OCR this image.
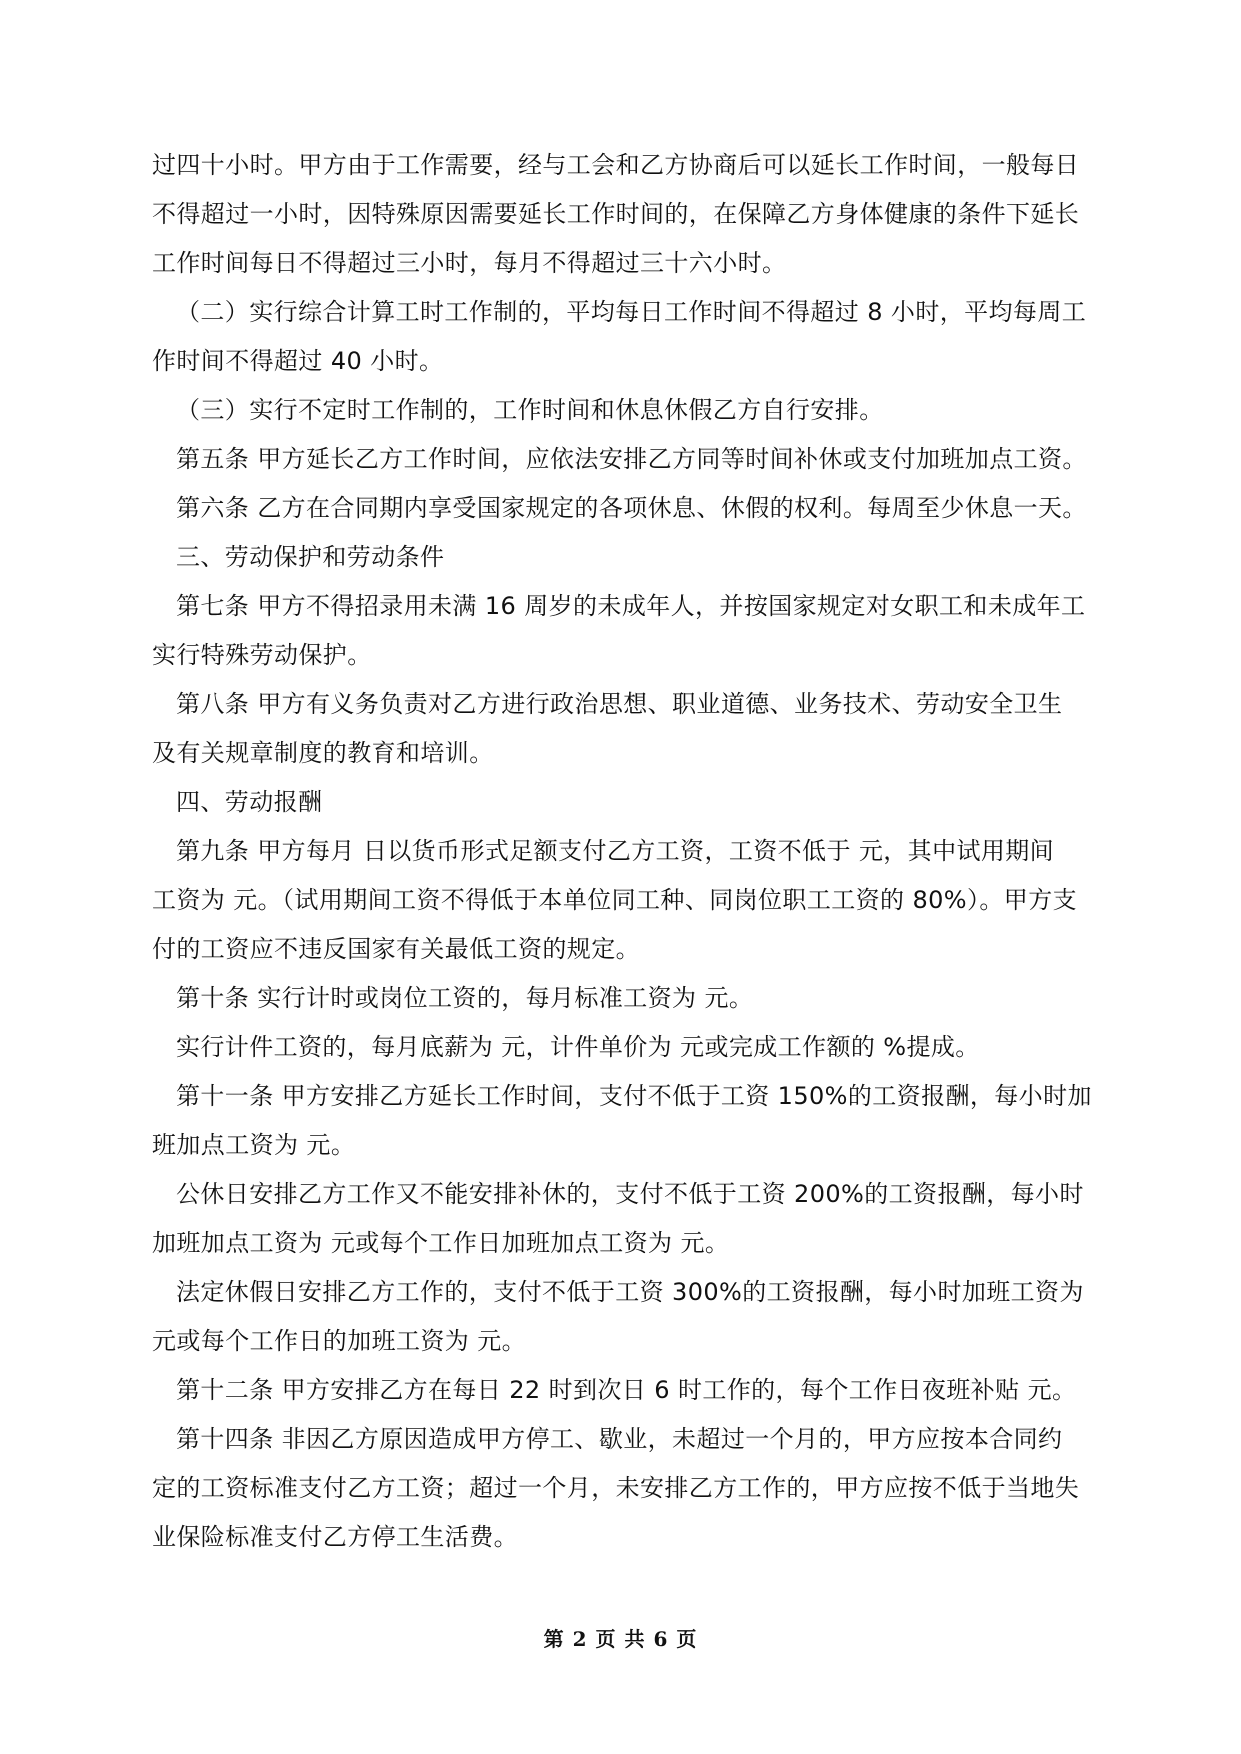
过四十小时。甲方由于工作需要，经与工会和乙方协商后可以延长工作时间，一般每日
不得超过一小时，因特殊原因需要延长工作时间的，在保障乙方身体健康的条件下延长
工作时间每日不得超过三小时，每月不得超过三十六小时。
（二）实行综合计算工时工作制的，平均每日工作时间不得超过 8 小时，平均每周工
作时间不得超过 40 小时。
（三）实行不定时工作制的，工作时间和休息休假乙方自行安排。
第五条 甲方延长乙方工作时间，应依法安排乙方同等时间补休或支付加班加点工资。
第六条 乙方在合同期内享受国家规定的各项休息、休假的权利。每周至少休息一天。
三、劳动保护和劳动条件
第七条 甲方不得招录用未满 16 周岁的未成年人，并按国家规定对女职工和未成年工
实行特殊劳动保护。
第八条 甲方有义务负责对乙方进行政治思想、职业道德、业务技术、劳动安全卫生
及有关规章制度的教育和培训。
四、劳动报酬
第九条 甲方每月 日以货币形式足额支付乙方工资，工资不低于 元，其中试用期间
工资为 元。（试用期间工资不得低于本单位同工种、同岗位职工工资的 80%）。甲方支
付的工资应不违反国家有关最低工资的规定。
第十条 实行计时或岗位工资的，每月标准工资为 元。
实行计件工资的，每月底薪为 元，计件单价为 元或完成工作额的 %提成。
第十一条 甲方安排乙方延长工作时间，支付不低于工资 150%的工资报酬，每小时加
班加点工资为 元。
公休日安排乙方工作又不能安排补休的，支付不低于工资 200%的工资报酬，每小时
加班加点工资为 元或每个工作日加班加点工资为 元。
法定休假日安排乙方工作的，支付不低于工资 300%的工资报酬，每小时加班工资为
元或每个工作日的加班工资为 元。
第十二条 甲方安排乙方在每日 22 时到次日 6 时工作的，每个工作日夜班补贴 元。
第十四条 非因乙方原因造成甲方停工、歇业，未超过一个月的，甲方应按本合同约
定的工资标准支付乙方工资；超过一个月，未安排乙方工作的，甲方应按不低于当地失
业保险标准支付乙方停工生活费。
第 2 页 共 6 页
